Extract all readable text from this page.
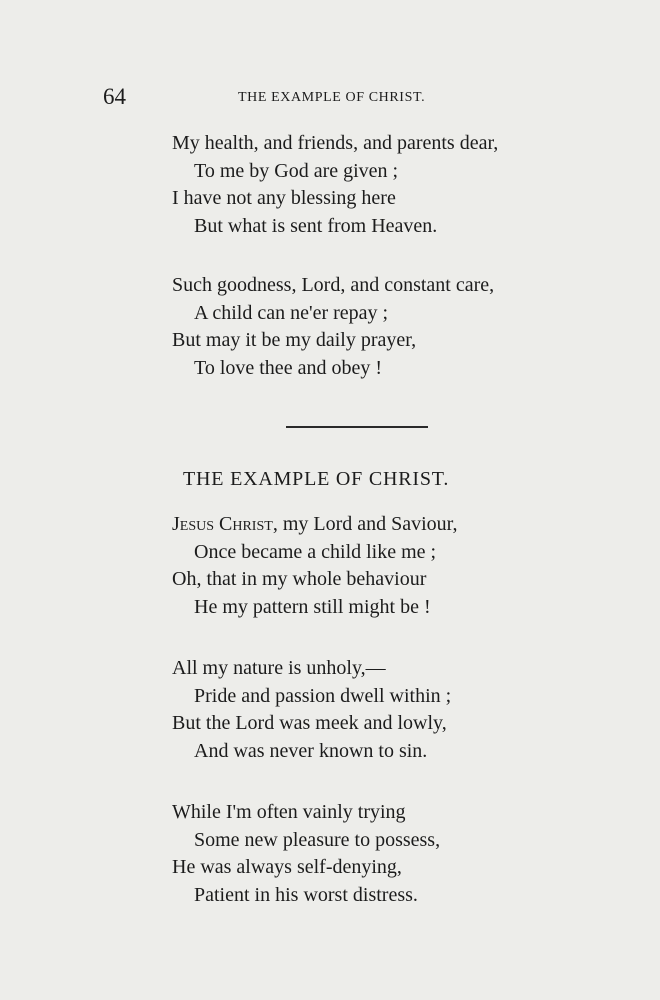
64	THE EXAMPLE OF CHRIST.
My health, and friends, and parents dear,
To me by God are given ;
I have not any blessing here
But what is sent from Heaven.
Such goodness, Lord, and constant care,
A child can ne'er repay ;
But may it be my daily prayer,
To love thee and obey !
THE EXAMPLE OF CHRIST.
Jesus Christ, my Lord and Saviour,
Once became a child like me ;
Oh, that in my whole behaviour
He my pattern still might be !
All my nature is unholy,—
Pride and passion dwell within ;
But the Lord was meek and lowly,
And was never known to sin.
While I'm often vainly trying
Some new pleasure to possess,
He was always self-denying,
Patient in his worst distress.
